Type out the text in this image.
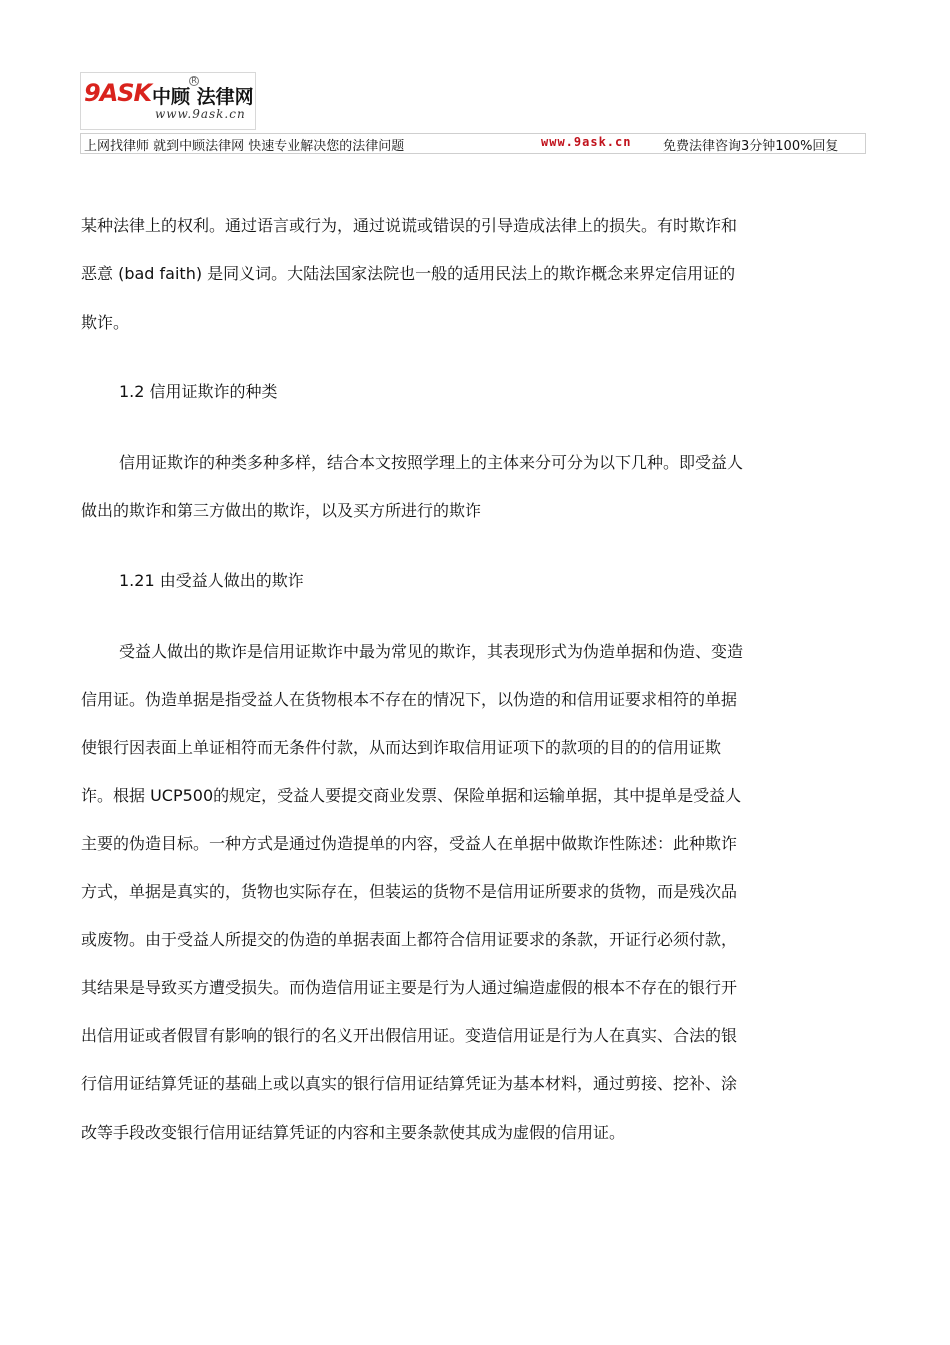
9ASK 中顾 法律网
R
www.9ask.cn
上网找律师 就到中顾法律网 快速专业解决您的法律问题	www.9ask.cn 免费法律咨询3分钟100%回复
某种法律上的权利。通过语言或行为，通过说谎或错误的引导造成法律上的损失。有时欺诈和
恶意 (bad faith) 是同义词。大陆法国家法院也一般的适用民法上的欺诈概念来界定信用证的
欺诈。
1.2 信用证欺诈的种类
信用证欺诈的种类多种多样，结合本文按照学理上的主体来分可分为以下几种。即受益人
做出的欺诈和第三方做出的欺诈，以及买方所进行的欺诈
1.21 由受益人做出的欺诈
受益人做出的欺诈是信用证欺诈中最为常见的欺诈，其表现形式为伪造单据和伪造、变造
信用证。伪造单据是指受益人在货物根本不存在的情况下，以伪造的和信用证要求相符的单据
使银行因表面上单证相符而无条件付款，从而达到诈取信用证项下的款项的目的的信用证欺
诈。根据 UCP500的规定，受益人要提交商业发票、保险单据和运输单据，其中提单是受益人
主要的伪造目标。一种方式是通过伪造提单的内容，受益人在单据中做欺诈性陈述：此种欺诈
方式，单据是真实的，货物也实际存在，但装运的货物不是信用证所要求的货物，而是残次品
或废物。由于受益人所提交的伪造的单据表面上都符合信用证要求的条款，开证行必须付款，
其结果是导致买方遭受损失。而伪造信用证主要是行为人通过编造虚假的根本不存在的银行开
出信用证或者假冒有影响的银行的名义开出假信用证。变造信用证是行为人在真实、合法的银
行信用证结算凭证的基础上或以真实的银行信用证结算凭证为基本材料，通过剪接、挖补、涂
改等手段改变银行信用证结算凭证的内容和主要条款使其成为虚假的信用证。
